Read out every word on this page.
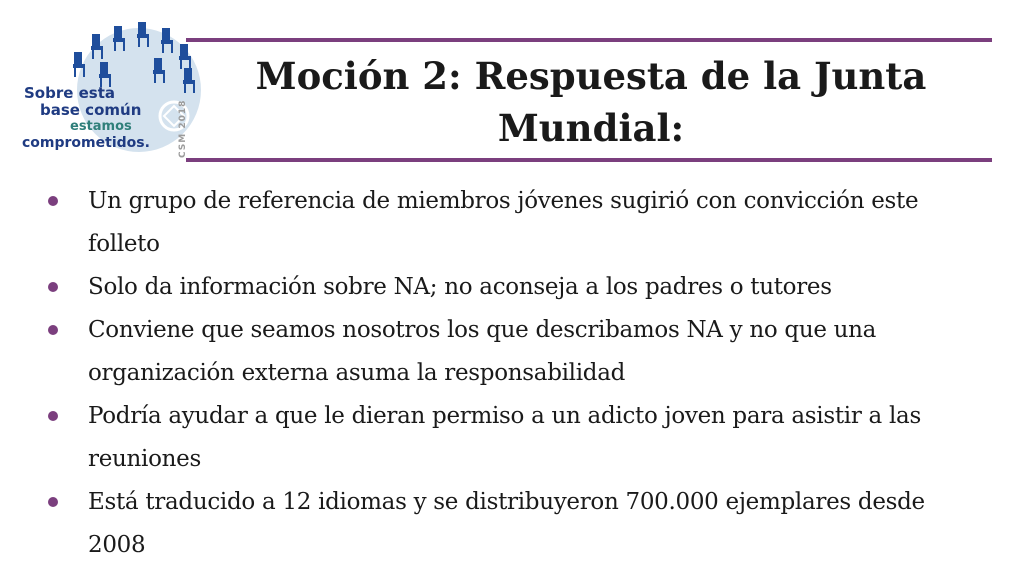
Sobre esta
base común
estamos
comprometidos.	CSM 2018
Moción 2: Respuesta de la Junta Mundial:
Un grupo de referencia de miembros jóvenes sugirió con convicción este folleto
Solo da información sobre NA; no aconseja a los padres o tutores
Conviene que seamos nosotros los que describamos NA y no que una organización externa asuma la responsabilidad
Podría ayudar a que le dieran permiso a un adicto joven para asistir a las reuniones
Está traducido a 12 idiomas y se distribuyeron 700.000 ejemplares desde 2008
